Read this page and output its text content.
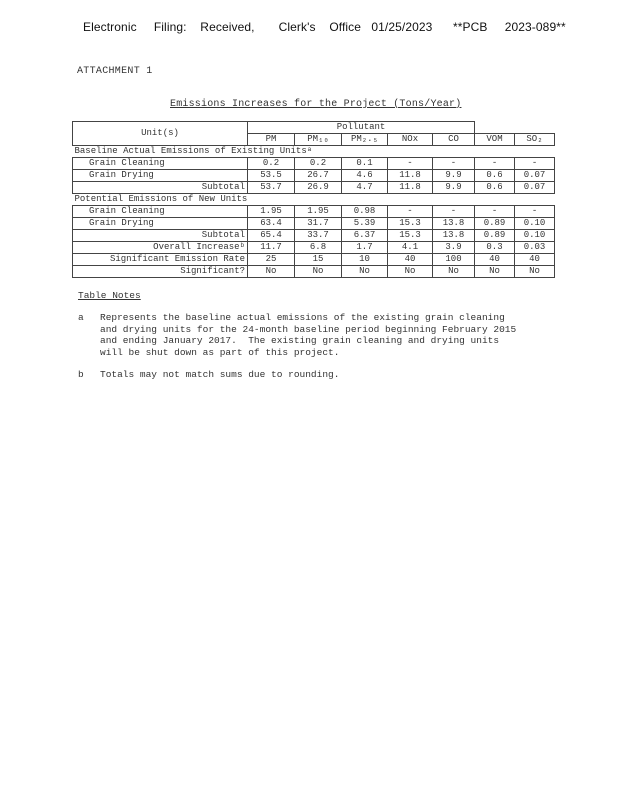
Electronic     Filing:    Received,       Clerk's    Office   01/25/2023      **PCB     2023-089**
ATTACHMENT 1
Emissions Increases for the Project (Tons/Year)
Unit(s)	Pollutant						
	PM	PM₁₀	PM₂.₅	NOx	CO	VOM	SO₂
Baseline Actual Emissions of Existing Unitsᵃ							
Grain Cleaning	0.2	0.2	0.1	-	-	-	-
Grain Drying	53.5	26.7	4.6	11.8	9.9	0.6	0.07
Subtotal	53.7	26.9	4.7	11.8	9.9	0.6	0.07
Potential Emissions of New Units							
Grain Cleaning	1.95	1.95	0.98	-	-	-	-
Grain Drying	63.4	31.7	5.39	15.3	13.8	0.89	0.10
Subtotal	65.4	33.7	6.37	15.3	13.8	0.89	0.10
Overall Increaseᵇ	11.7	6.8	1.7	4.1	3.9	0.3	0.03
Significant Emission Rate	25	15	10	40	100	40	40
Significant?	No	No	No	No	No	No	No
Table Notes
a Represents the baseline actual emissions of the existing grain cleaning
and drying units for the 24-month baseline period beginning February 2015
and ending January 2017.  The existing grain cleaning and drying units
will be shut down as part of this project.
b Totals may not match sums due to rounding.
